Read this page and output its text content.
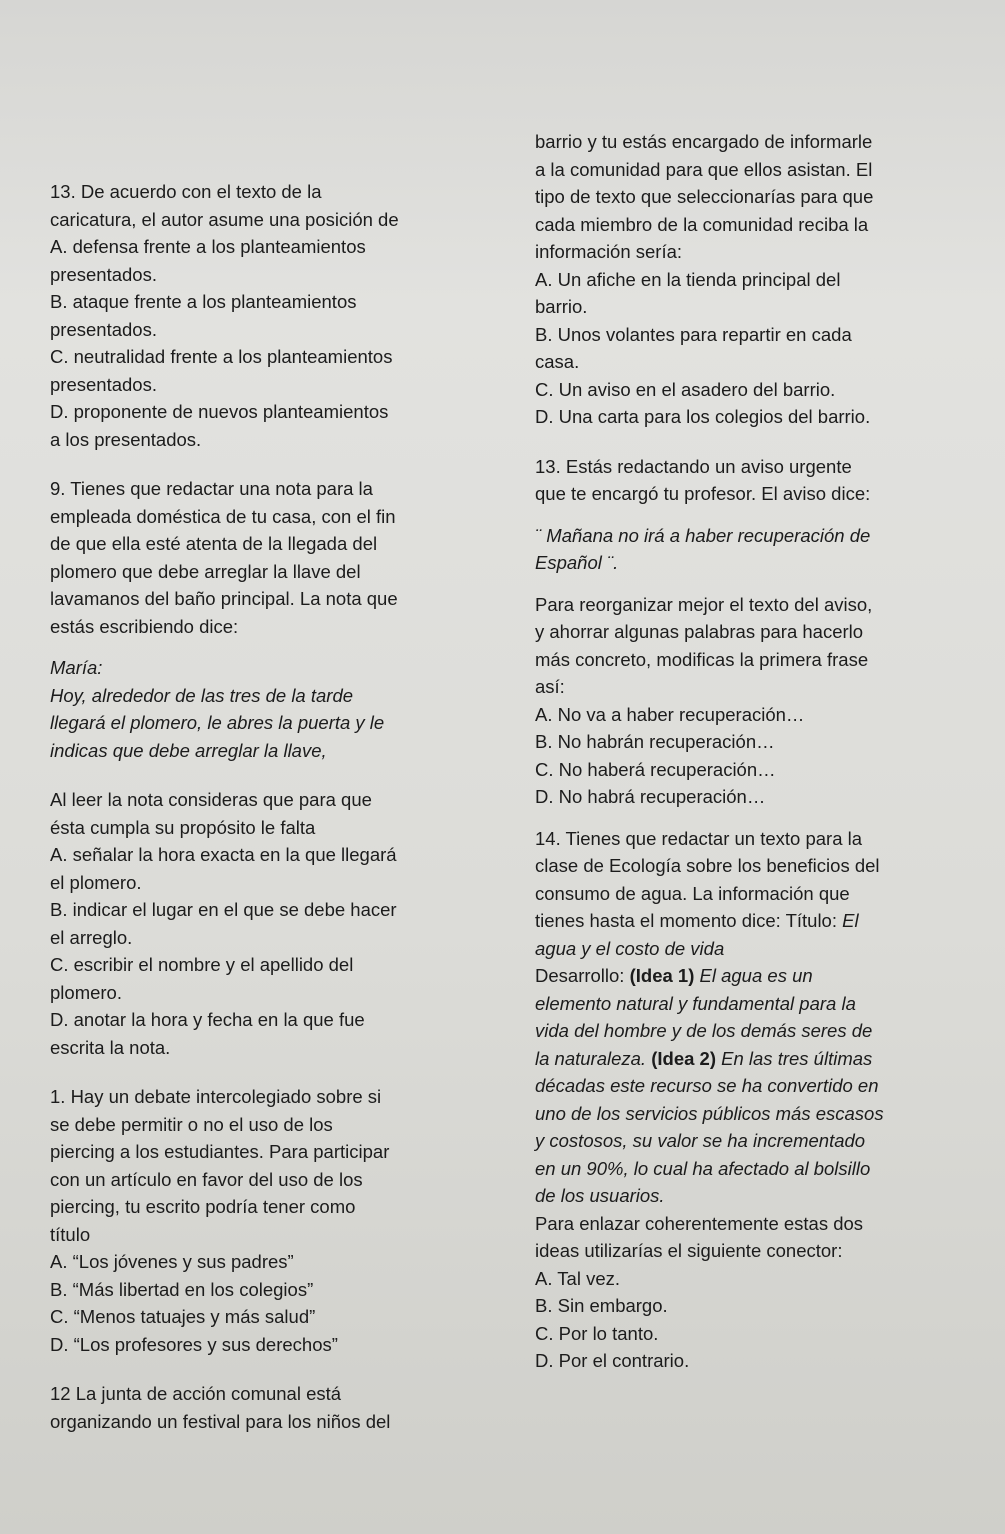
13. De acuerdo con el texto de la

caricatura, el autor asume una posición de

A. defensa frente a los planteamientos

presentados.

B. ataque frente a los planteamientos

presentados.

C. neutralidad frente a los planteamientos

presentados.

D. proponente de nuevos planteamientos

a los presentados.

9. Tienes que redactar una nota para la

empleada doméstica de tu casa, con el fin

de que ella esté atenta de la llegada del

plomero que debe arreglar la llave del

lavamanos del baño principal. La nota que

estás escribiendo dice:

María:

Hoy, alrededor de las tres de la tarde

llegará el plomero, le abres la puerta y le

indicas que debe arreglar la llave,

Al leer la nota consideras que para que

ésta cumpla su propósito le falta

A. señalar la hora exacta en la que llegará

el plomero.

B. indicar el lugar en el que se debe hacer

el arreglo.

C. escribir el nombre y el apellido del

plomero.

D. anotar la hora y fecha en la que fue

escrita la nota.

1. Hay un debate intercolegiado sobre si

se debe permitir o no el uso de los

piercing a los estudiantes. Para participar

con un artículo en favor del uso de los

piercing, tu escrito podría tener como

título

A. “Los jóvenes y sus padres”

B. “Más libertad en los colegios”

C. “Menos tatuajes y más salud”

D. “Los profesores y sus derechos”

12 La junta de acción comunal está

organizando un festival para los niños del

barrio y tu estás encargado de informarle

a la comunidad para que ellos asistan. El

tipo de texto que seleccionarías para que

cada miembro de la comunidad reciba la

información sería:

A. Un afiche en la tienda principal del

barrio.

B. Unos volantes para repartir en cada

casa.

C. Un aviso en el asadero del barrio.

D. Una carta para los colegios del barrio.

13. Estás redactando un aviso urgente

que te encargó tu profesor. El aviso dice:

¨ Mañana no irá a haber recuperación de

Español ¨.

Para reorganizar mejor el texto del aviso,

y ahorrar algunas palabras para hacerlo

más concreto, modificas la primera frase

así:

A. No va a haber recuperación…

B. No habrán recuperación…

C. No haberá recuperación…

D. No habrá recuperación…

14. Tienes que redactar un texto para la

clase de Ecología sobre los beneficios del

consumo de agua. La información que

tienes hasta el momento dice: Título: El

agua y el costo de vida

Desarrollo: (Idea 1) El agua es un

elemento natural y fundamental para la

vida del hombre y de los demás seres de

la naturaleza. (Idea 2) En las tres últimas

décadas este recurso se ha convertido en

uno de los servicios públicos más escasos

y costosos, su valor se ha incrementado

en un 90%, lo cual ha afectado al bolsillo

de los usuarios.

Para enlazar coherentemente estas dos

ideas utilizarías el siguiente conector:

A. Tal vez.

B. Sin embargo.

C. Por lo tanto.

D. Por el contrario.
